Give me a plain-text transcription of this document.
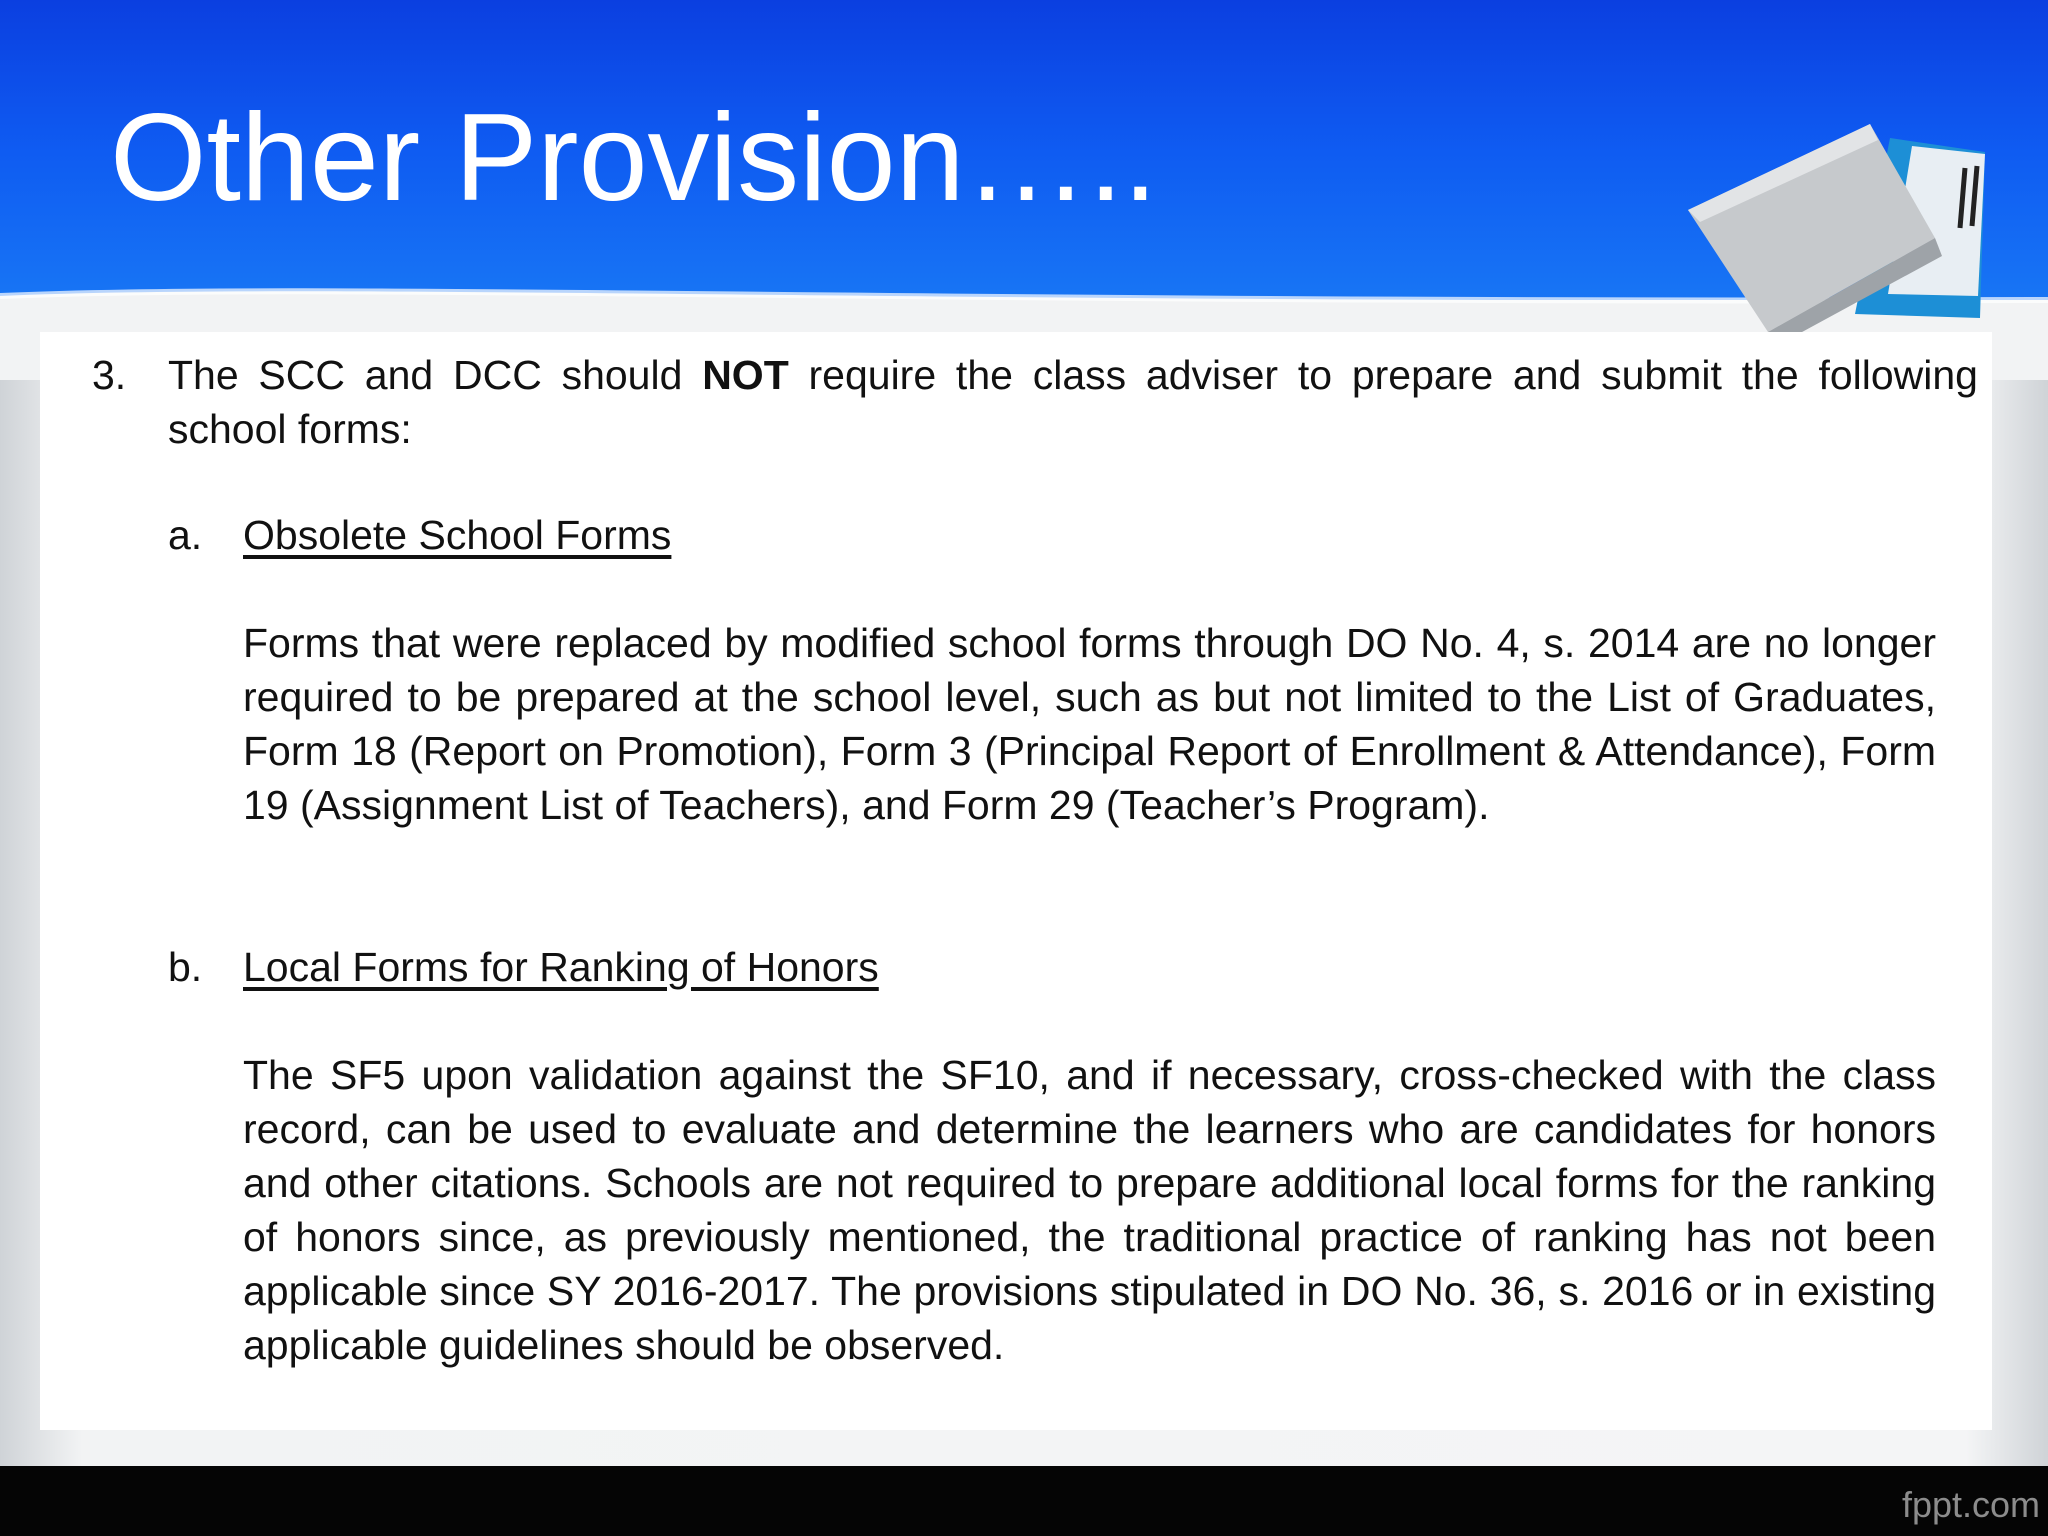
Other Provision…..
3. The SCC and DCC should NOT require the class adviser to prepare and submit the following school forms:
a. Obsolete School Forms
Forms that were replaced by modified school forms through DO No. 4, s. 2014 are no longer required to be prepared at the school level, such as but not limited to the List of Graduates, Form 18 (Report on Promotion), Form 3 (Principal Report of Enrollment & Attendance), Form 19 (Assignment List of Teachers), and Form 29 (Teacher’s Program).
b. Local Forms for Ranking of Honors
The SF5 upon validation against the SF10, and if necessary, cross-checked with the class record, can be used to evaluate and determine the learners who are candidates for honors and other citations. Schools are not required to prepare additional local forms for the ranking of honors since, as previously mentioned, the traditional practice of ranking has not been applicable since SY 2016-2017. The provisions stipulated in DO No. 36, s. 2016 or in existing applicable guidelines should be observed.
fppt.com
